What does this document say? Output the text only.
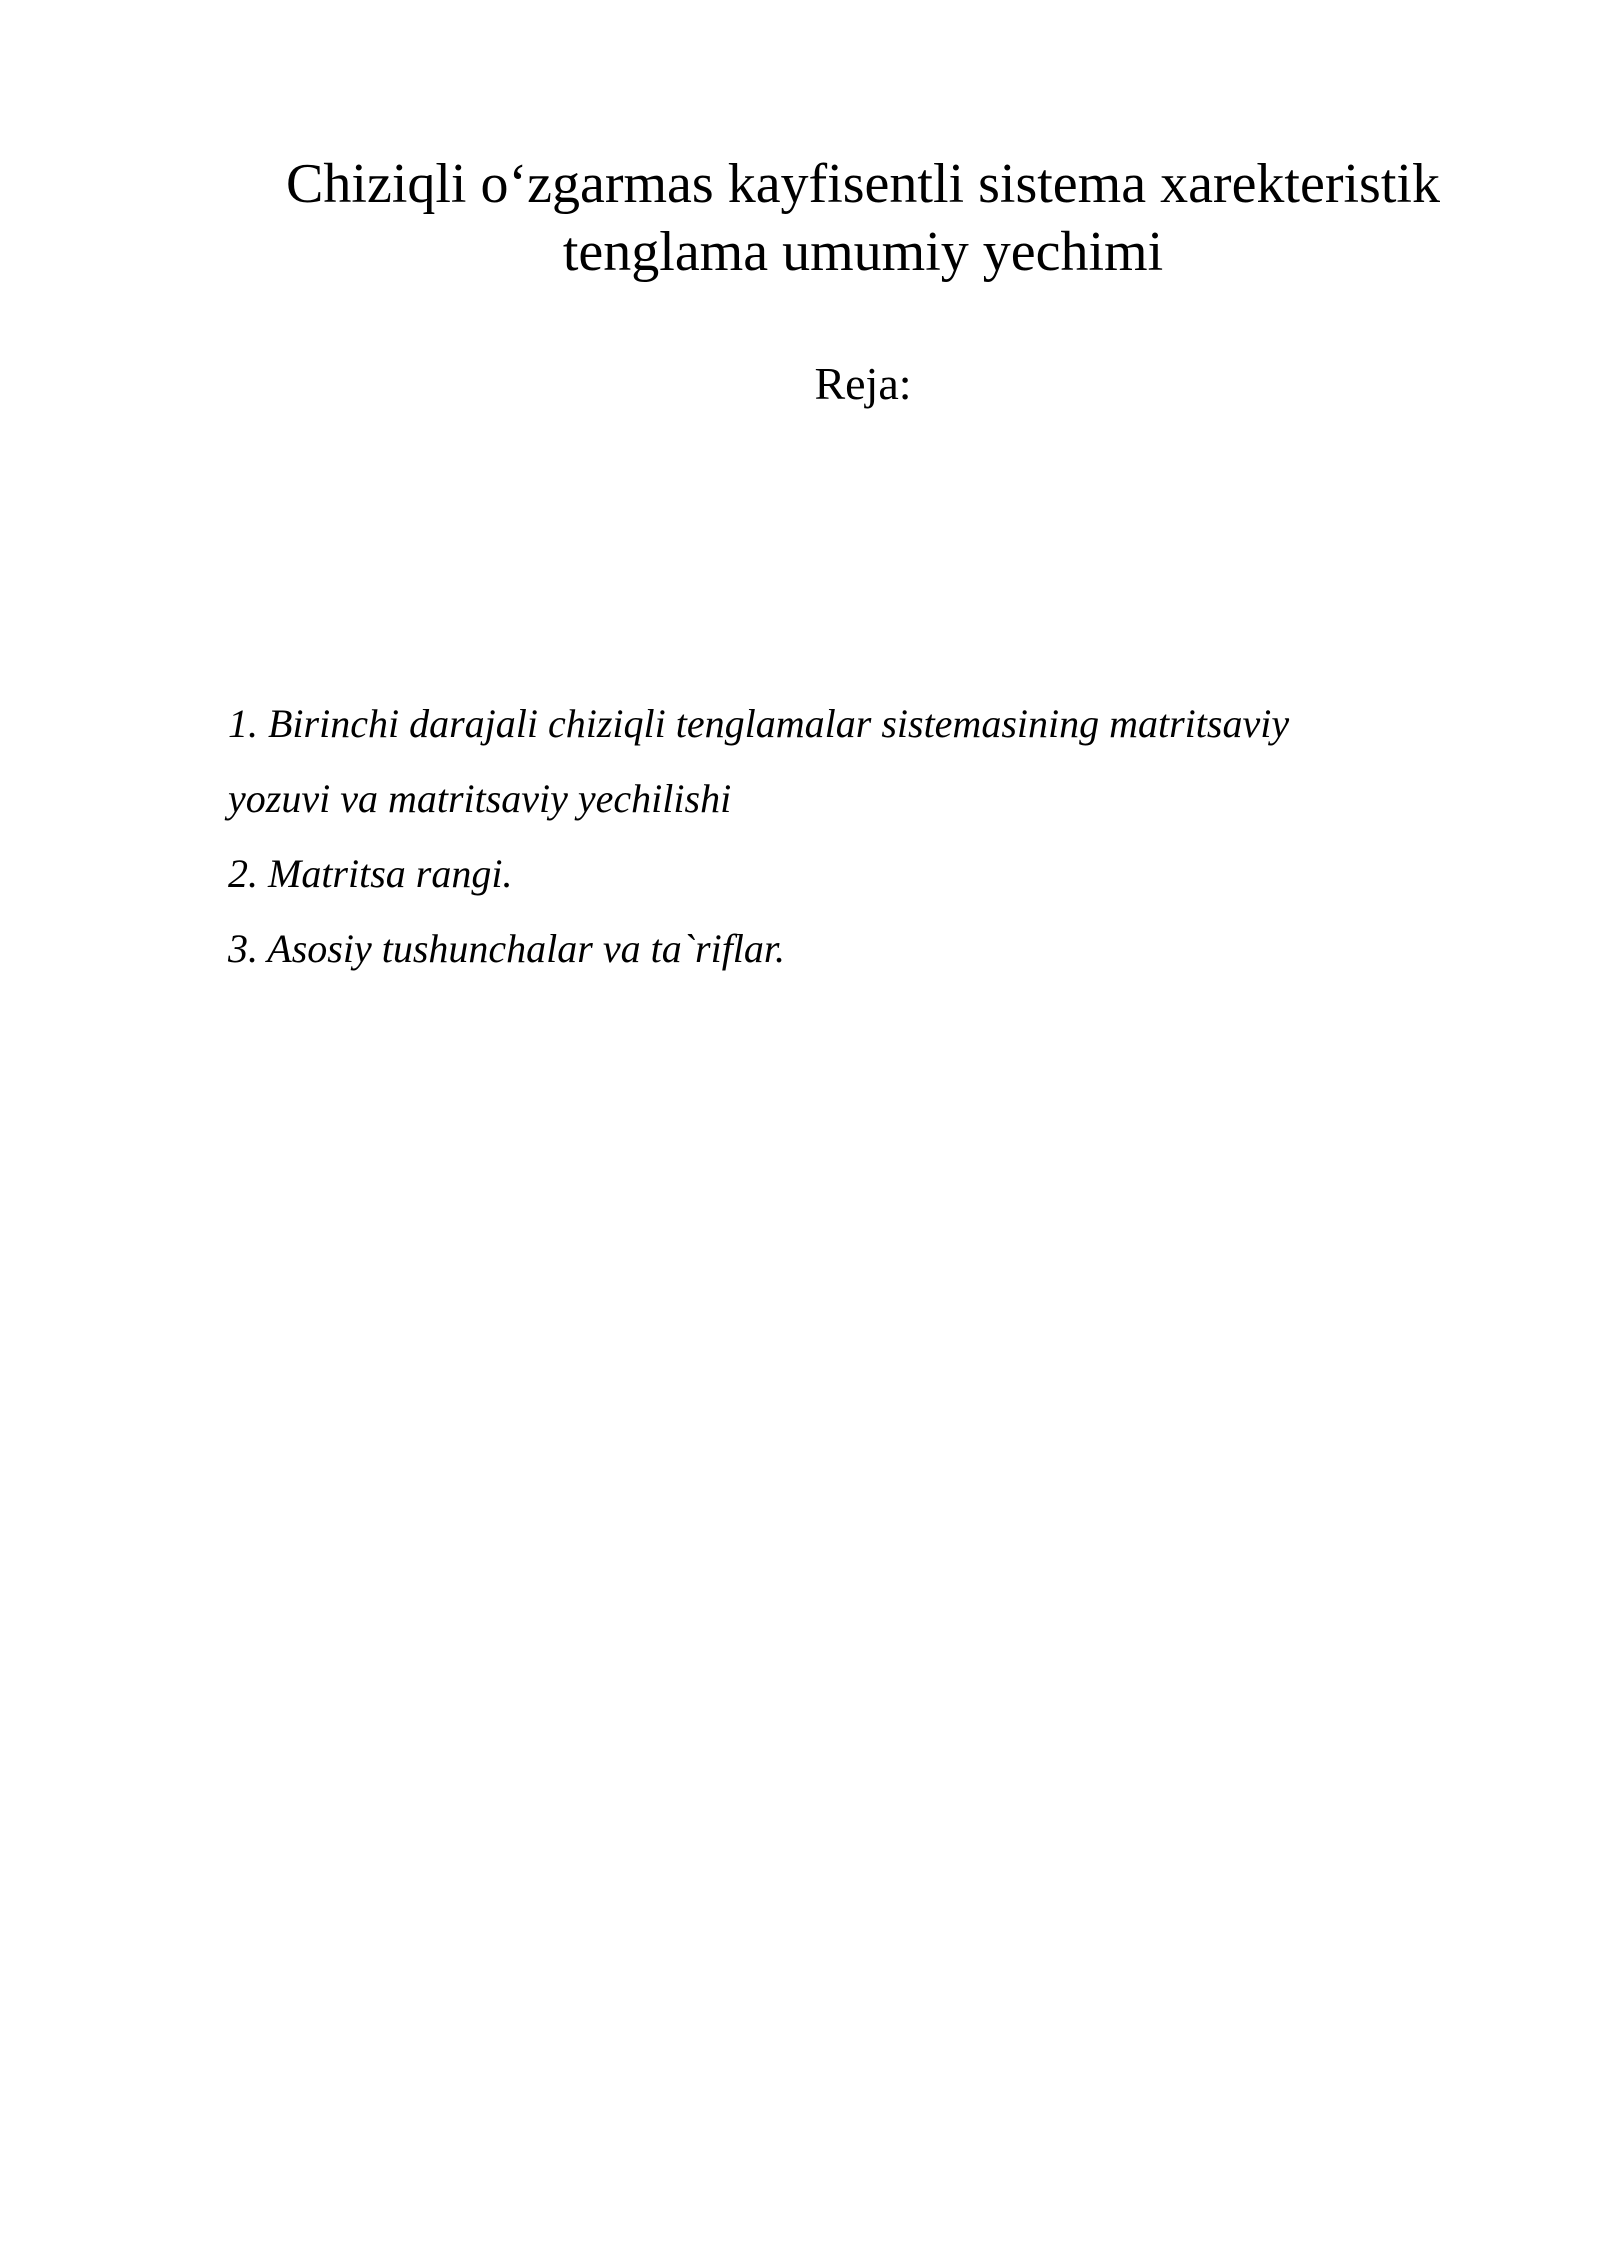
Chiziqli o‘zgarmas kayfisentli sistema xarekteristik
tenglama umumiy yechimi

Reja:

1. Birinchi darajali chiziqli tenglamalar sistemasining matritsaviy
yozuvi va matritsaviy yechilishi
2. Matritsa rangi.
3. Asosiy tushunchalar va ta`riflar.
